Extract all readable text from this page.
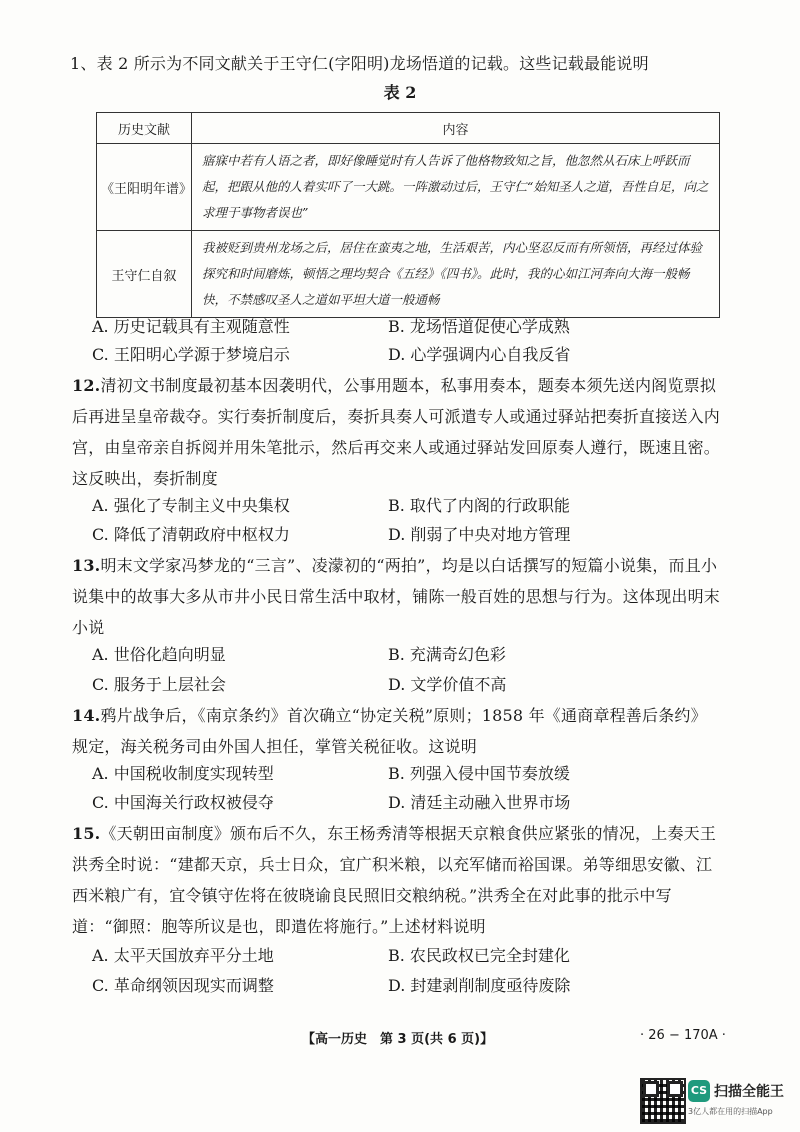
1、表 2 所示为不同文献关于王守仁(字阳明)龙场悟道的记载。这些记载最能说明
表 2
历史文献	内容
《王阳明年谱》	寤寐中若有人语之者，即好像睡觉时有人告诉了他格物致知之旨，他忽然从石床上呼跃而起，把跟从他的人着实吓了一大跳。一阵激动过后，王守仁“始知圣人之道，吾性自足，向之求理于事物者误也”
王守仁自叙	我被贬到贵州龙场之后，居住在蛮夷之地，生活艰苦，内心坚忍反而有所领悟，再经过体验探究和时间磨炼，顿悟之理均契合《五经》《四书》。此时，我的心如江河奔向大海一般畅快，不禁感叹圣人之道如平坦大道一般通畅
A. 历史记载具有主观随意性	B. 龙场悟道促使心学成熟
C. 王阳明心学源于梦境启示	D. 心学强调内心自我反省
12.清初文书制度最初基本因袭明代，公事用题本，私事用奏本，题奏本须先送内阁览票拟后再进呈皇帝裁夺。实行奏折制度后，奏折具奏人可派遣专人或通过驿站把奏折直接送入内宫，由皇帝亲自拆阅并用朱笔批示，然后再交来人或通过驿站发回原奏人遵行，既速且密。这反映出，奏折制度
A. 强化了专制主义中央集权	B. 取代了内阁的行政职能
C. 降低了清朝政府中枢权力	D. 削弱了中央对地方管理
13.明末文学家冯梦龙的“三言”、凌濛初的“两拍”，均是以白话撰写的短篇小说集，而且小说集中的故事大多从市井小民日常生活中取材，铺陈一般百姓的思想与行为。这体现出明末小说
A. 世俗化趋向明显	B. 充满奇幻色彩
C. 服务于上层社会	D. 文学价值不高
14.鸦片战争后，《南京条约》首次确立“协定关税”原则；1858 年《通商章程善后条约》规定，海关税务司由外国人担任，掌管关税征收。这说明
A. 中国税收制度实现转型	B. 列强入侵中国节奏放缓
C. 中国海关行政权被侵夺	D. 清廷主动融入世界市场
15.《天朝田亩制度》颁布后不久，东王杨秀清等根据天京粮食供应紧张的情况，上奏天王洪秀全时说：“建都天京，兵士日众，宜广积米粮，以充军储而裕国课。弟等细思安徽、江西米粮广有，宜令镇守佐将在彼晓谕良民照旧交粮纳税。”洪秀全在对此事的批示中写道：“御照：胞等所议是也，即遣佐将施行。”上述材料说明
A. 太平天国放弃平分土地	B. 农民政权已完全封建化
C. 革命纲领因现实而调整	D. 封建剥削制度亟待废除
【高一历史　第 3 页(共 6 页)】	· 26 − 170A ·
CS 扫描全能王
3亿人都在用的扫描App
